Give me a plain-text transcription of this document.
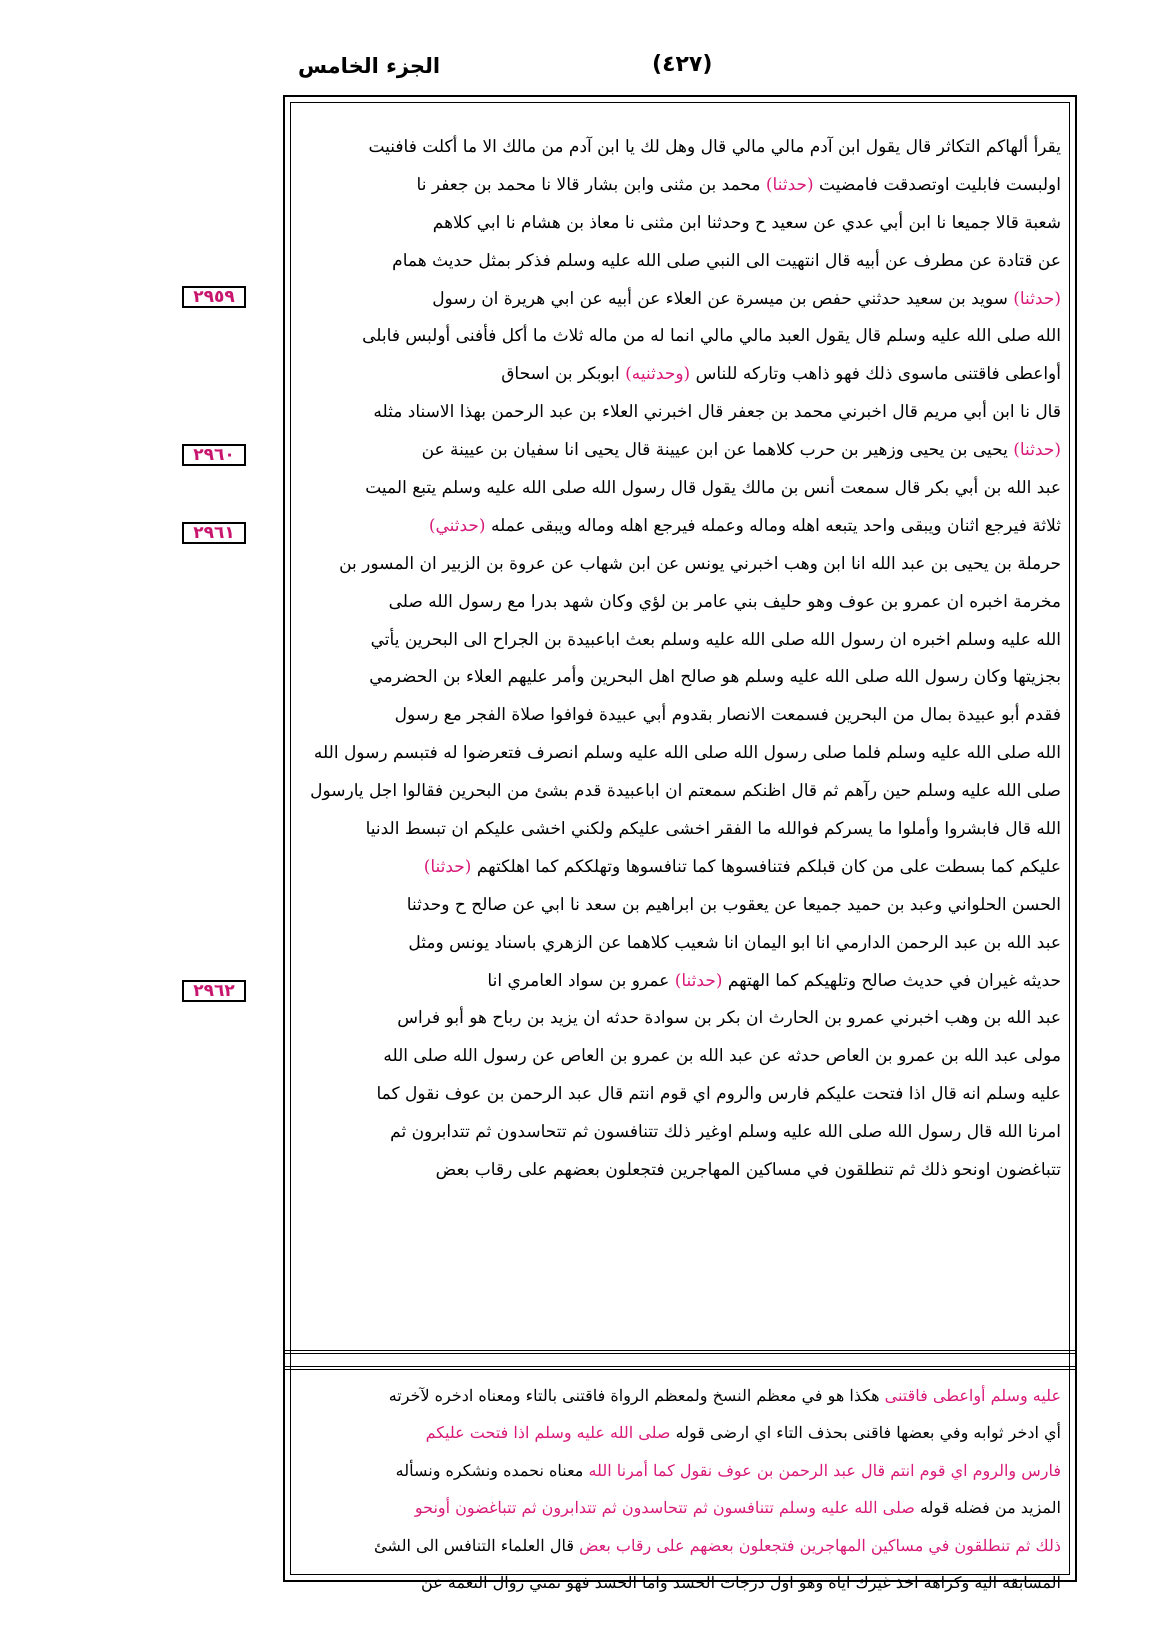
الجزء الخامس	(٤٢٧)
٢٩٥٩
٢٩٦٠
٢٩٦١
٢٩٦٢
يقرأ ألهاكم التكاثر قال يقول ابن آدم مالي مالي قال وهل لك يا ابن آدم من مالك الا ما أكلت فافنيت
اولبست فابليت اوتصدقت فامضيت (حدثنا) محمد بن مثنى وابن بشار قالا نا محمد بن جعفر نا
شعبة قالا جميعا نا ابن أبي عدي عن سعيد ح وحدثنا ابن مثنى نا معاذ بن هشام نا ابي كلاهم
عن قتادة عن مطرف عن أبيه قال انتهيت الى النبي صلى الله عليه وسلم فذكر بمثل حديث همام
(حدثنا) سويد بن سعيد حدثني حفص بن ميسرة عن العلاء عن أبيه عن ابي هريرة ان رسول
الله صلى الله عليه وسلم قال يقول العبد مالي مالي انما له من ماله ثلاث ما أكل فأفنى أولبس فابلى
أواعطى فاقتنى ماسوى ذلك فهو ذاهب وتاركه للناس (وحدثنيه) ابوبكر بن اسحاق
قال نا ابن أبي مريم قال اخبرني محمد بن جعفر قال اخبرني العلاء بن عبد الرحمن بهذا الاسناد مثله
(حدثنا) يحيى بن يحيى وزهير بن حرب كلاهما عن ابن عيينة قال يحيى انا سفيان بن عيينة عن
عبد الله بن أبي بكر قال سمعت أنس بن مالك يقول قال رسول الله صلى الله عليه وسلم يتبع الميت
ثلاثة فيرجع اثنان ويبقى واحد يتبعه اهله وماله وعمله فيرجع اهله وماله ويبقى عمله (حدثني)
حرملة بن يحيى بن عبد الله انا ابن وهب اخبرني يونس عن ابن شهاب عن عروة بن الزبير ان المسور بن
مخرمة اخبره ان عمرو بن عوف وهو حليف بني عامر بن لؤي وكان شهد بدرا مع رسول الله صلى
الله عليه وسلم اخبره ان رسول الله صلى الله عليه وسلم بعث اباعبيدة بن الجراح الى البحرين يأتي
بجزيتها وكان رسول الله صلى الله عليه وسلم هو صالح اهل البحرين وأمر عليهم العلاء بن الحضرمي
فقدم أبو عبيدة بمال من البحرين فسمعت الانصار بقدوم أبي عبيدة فوافوا صلاة الفجر مع رسول
الله صلى الله عليه وسلم فلما صلى رسول الله صلى الله عليه وسلم انصرف فتعرضوا له فتبسم رسول الله
صلى الله عليه وسلم حين رآهم ثم قال اظنكم سمعتم ان اباعبيدة قدم بشئ من البحرين فقالوا اجل يارسول
الله قال فابشروا وأملوا ما يسركم فوالله ما الفقر اخشى عليكم ولكني اخشى عليكم ان تبسط الدنيا
عليكم كما بسطت على من كان قبلكم فتنافسوها كما تنافسوها وتهلككم كما اهلكتهم (حدثنا)
الحسن الحلواني وعبد بن حميد جميعا عن يعقوب بن ابراهيم بن سعد نا ابي عن صالح ح وحدثنا
عبد الله بن عبد الرحمن الدارمي انا ابو اليمان انا شعيب كلاهما عن الزهري باسناد يونس ومثل
حديثه غيران في حديث صالح وتلهيكم كما الهتهم (حدثنا) عمرو بن سواد العامري انا
عبد الله بن وهب اخبرني عمرو بن الحارث ان بكر بن سوادة حدثه ان يزيد بن رباح هو أبو فراس
مولى عبد الله بن عمرو بن العاص حدثه عن عبد الله بن عمرو بن العاص عن رسول الله صلى الله
عليه وسلم انه قال اذا فتحت عليكم فارس والروم اي قوم انتم قال عبد الرحمن بن عوف نقول كما
امرنا الله قال رسول الله صلى الله عليه وسلم اوغير ذلك تتنافسون ثم تتحاسدون ثم تتدابرون ثم
تتباغضون اونحو ذلك ثم تنطلقون في مساكين المهاجرين فتجعلون بعضهم على رقاب بعض
عليه وسلم أواعطى فاقتنى هكذا هو في معظم النسخ ولمعظم الرواة فاقتنى بالتاء ومعناه ادخره لآخرته
أي ادخر ثوابه وفي بعضها فاقنى بحذف التاء اي ارضى قوله صلى الله عليه وسلم اذا فتحت عليكم
فارس والروم اي قوم انتم قال عبد الرحمن بن عوف نقول كما أمرنا الله معناه نحمده ونشكره ونسأله
المزيد من فضله قوله صلى الله عليه وسلم تتنافسون ثم تتحاسدون ثم تتدابرون ثم تتباغضون أونحو
ذلك ثم تنطلقون في مساكين المهاجرين فتجعلون بعضهم على رقاب بعض قال العلماء التنافس الى الشئ
المسابقة اليه وكراهة اخذ غيرك اياه وهو اول درجات الحسد واما الحسد فهو تمني زوال النعمة عن
